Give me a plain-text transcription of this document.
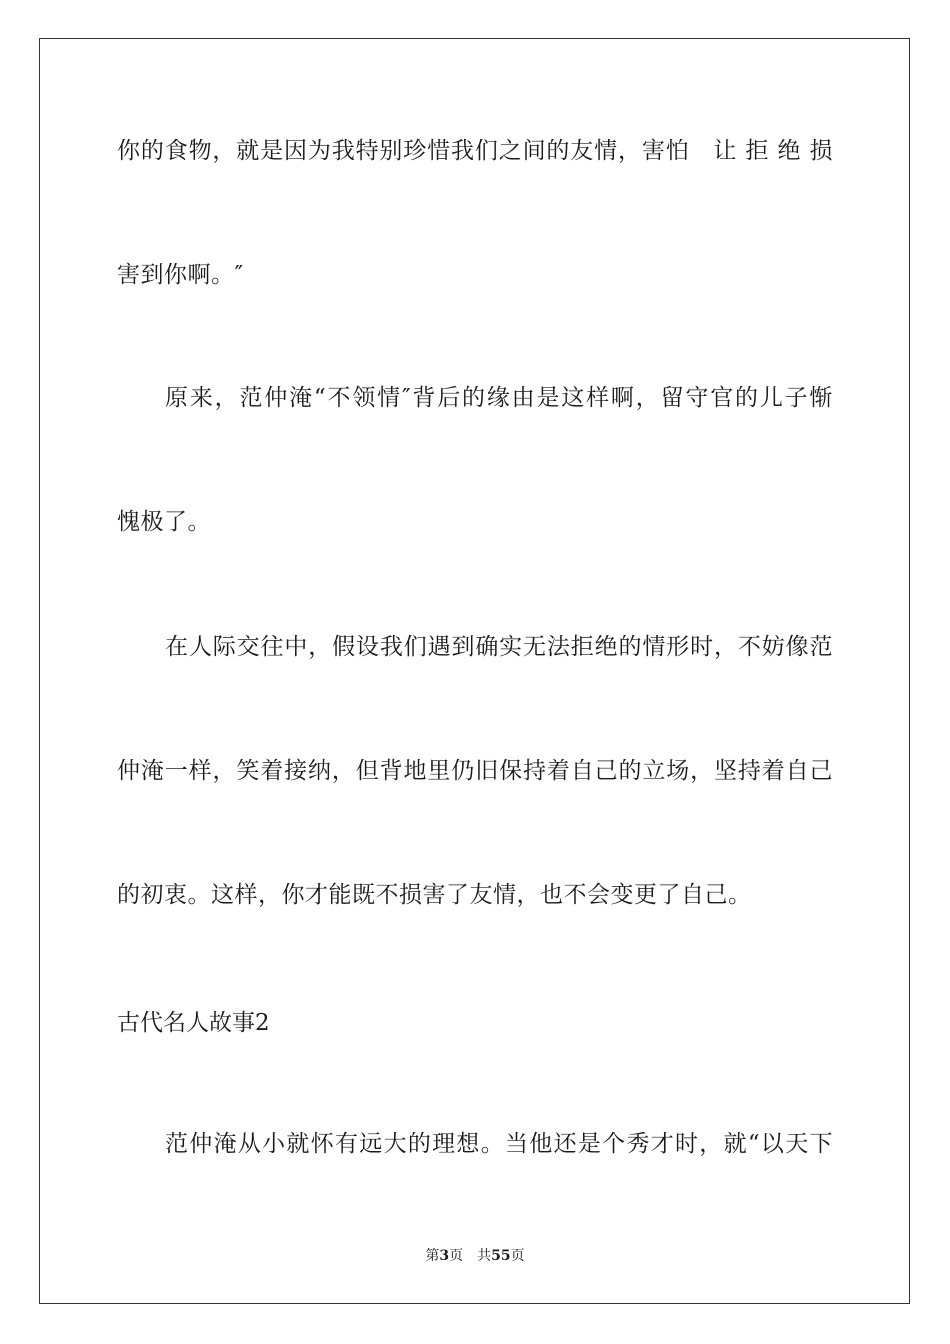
你的食物，就是因为我特别珍惜我们之间的友情，害怕　让 拒 绝 损
害到你啊。″
原来，范仲淹“不领情″背后的缘由是这样啊，留守官的儿子惭
愧极了。
在人际交往中，假设我们遇到确实无法拒绝的情形时，不妨像范
仲淹一样，笑着接纳，但背地里仍旧保持着自己的立场，坚持着自己
的初衷。这样，你才能既不损害了友情，也不会变更了自己。
古代名人故事2
范仲淹从小就怀有远大的理想。当他还是个秀才时，就“以天下
第3页 共55页
